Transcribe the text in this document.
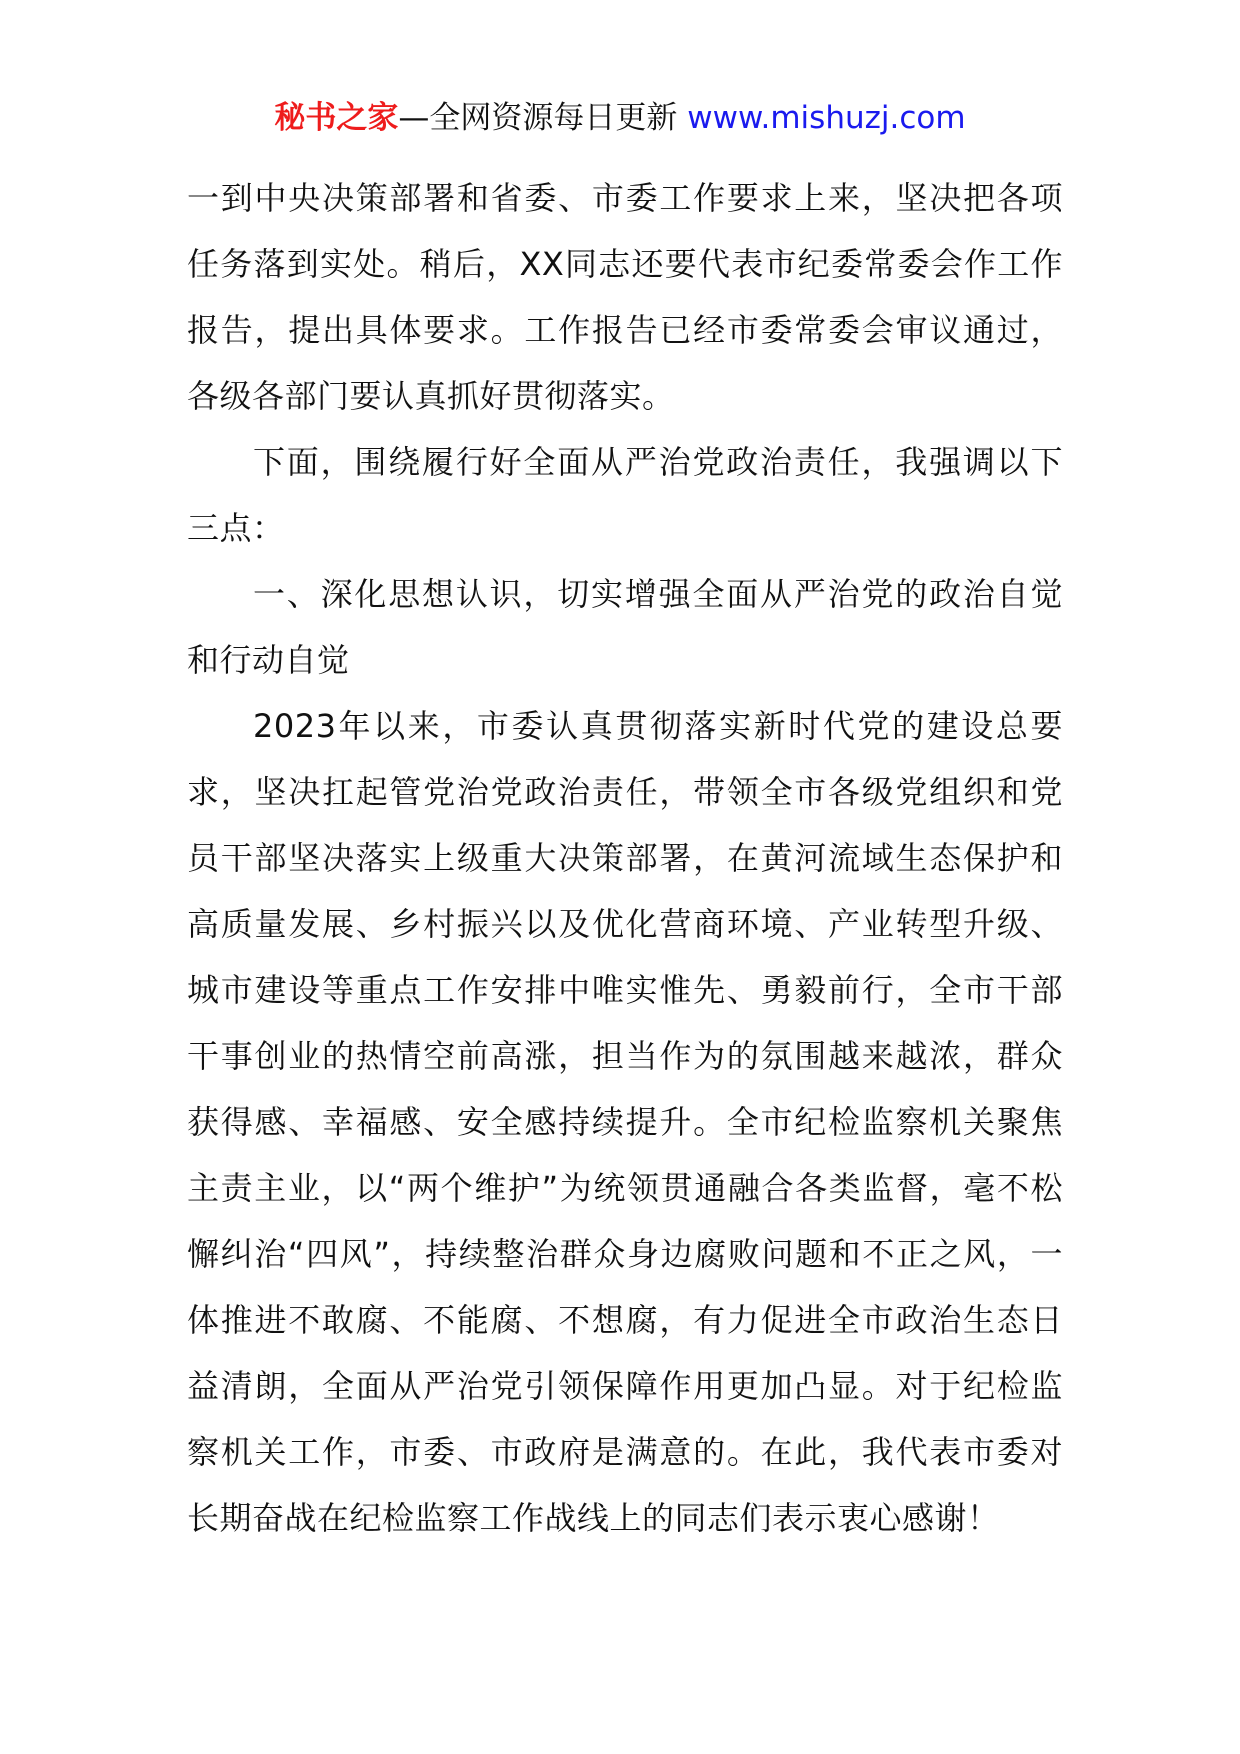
秘书之家—全网资源每日更新 www.mishuzj.com

一到中央决策部署和省委、市委工作要求上来，坚决把各项任务落到实处。稍后，XX同志还要代表市纪委常委会作工作报告，提出具体要求。工作报告已经市委常委会审议通过，各级各部门要认真抓好贯彻落实。

下面，围绕履行好全面从严治党政治责任，我强调以下三点：

一、深化思想认识，切实增强全面从严治党的政治自觉和行动自觉

2023年以来，市委认真贯彻落实新时代党的建设总要求，坚决扛起管党治党政治责任，带领全市各级党组织和党员干部坚决落实上级重大决策部署，在黄河流域生态保护和高质量发展、乡村振兴以及优化营商环境、产业转型升级、城市建设等重点工作安排中唯实惟先、勇毅前行，全市干部干事创业的热情空前高涨，担当作为的氛围越来越浓，群众获得感、幸福感、安全感持续提升。全市纪检监察机关聚焦主责主业，以“两个维护”为统领贯通融合各类监督，毫不松懈纠治“四风”，持续整治群众身边腐败问题和不正之风，一体推进不敢腐、不能腐、不想腐，有力促进全市政治生态日益清朗，全面从严治党引领保障作用更加凸显。对于纪检监察机关工作，市委、市政府是满意的。在此，我代表市委对长期奋战在纪检监察工作战线上的同志们表示衷心感谢！
